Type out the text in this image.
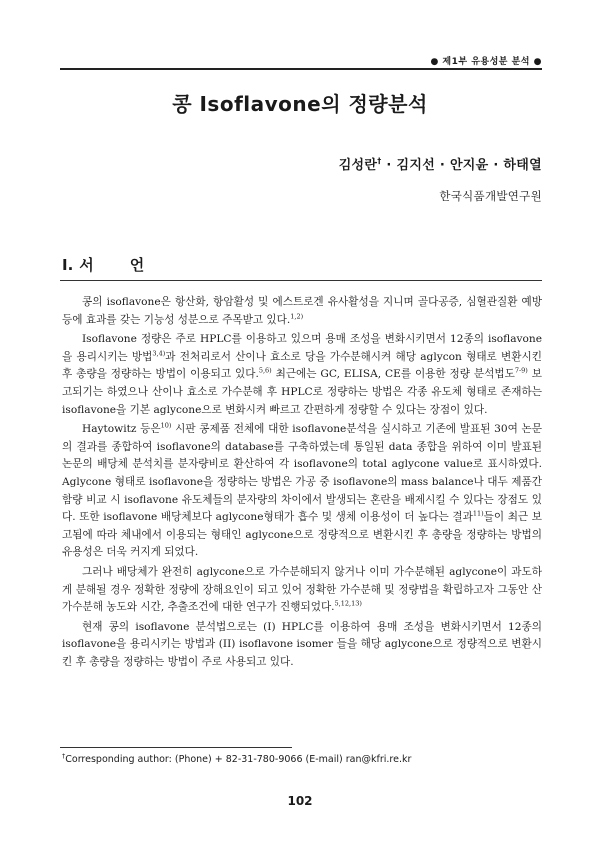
● 제1부 유용성분 분석 ●
콩 Isoflavone의 정량분석
김성란† · 김지선 · 안지윤 · 하태열
한국식품개발연구원
I. 서 언

콩의 isoflavone은 항산화, 항암활성 및 에스트로겐 유사활성을 지니며 골다공증, 심혈관질환 예방 등에 효과를 갖는 기능성 성분으로 주목받고 있다.$^{1,2)}$

Isoflavone 정량은 주로 HPLC를 이용하고 있으며 용매 조성을 변화시키면서 12종의 isoflavone을 용리시키는 방법$^{3,4)}$과 전처리로서 산이나 효소로 당을 가수분해시켜 해당 aglycon 형태로 변환시킨 후 총량을 정량하는 방법이 이용되고 있다.$^{5,6)}$ 최근에는 GC, ELISA, CE를 이용한 정량 분석법도$^{7-9)}$ 보고되기는 하였으나 산이나 효소로 가수분해 후 HPLC로 정량하는 방법은 각종 유도체 형태로 존재하는 isoflavone을 기본 aglycone으로 변화시켜 빠르고 간편하게 정량할 수 있다는 장점이 있다.

Haytowitz 등은$^{10)}$ 시판 콩제품 전체에 대한 isoflavone분석을 실시하고 기존에 발표된 30여 논문의 결과를 종합하여 isoflavone의 database를 구축하였는데 통일된 data 종합을 위하여 이미 발표된 논문의 배당체 분석치를 분자량비로 환산하여 각 isoflavone의 total aglycone value로 표시하였다. Aglycone 형태로 isoflavone을 정량하는 방법은 가공 중 isoflavone의 mass balance나 대두 제품간 함량 비교 시 isoflavone 유도체들의 분자량의 차이에서 발생되는 혼란을 배제시킬 수 있다는 장점도 있다. 또한 isoflavone 배당체보다 aglycone형태가 흡수 및 생체 이용성이 더 높다는 결과$^{11)}$들이 최근 보고됨에 따라 체내에서 이용되는 형태인 aglycone으로 정량적으로 변환시킨 후 총량을 정량하는 방법의 유용성은 더욱 커지게 되었다.

그러나 배당체가 완전히 aglycone으로 가수분해되지 않거나 이미 가수분해된 aglycone이 과도하게 분해될 경우 정확한 정량에 장해요인이 되고 있어 정확한 가수분해 및 정량법을 확립하고자 그동안 산 가수분해 농도와 시간, 추출조건에 대한 연구가 진행되었다.$^{5,12,13)}$

현재 콩의 isoflavone 분석법으로는 (I) HPLC를 이용하여 용매 조성을 변화시키면서 12종의 isoflavone을 용리시키는 방법과 (II) isoflavone isomer 들을 해당 aglycone으로 정량적으로 변환시킨 후 총량을 정량하는 방법이 주로 사용되고 있다.

†Corresponding author: (Phone) + 82-31-780-9066 (E-mail) ran@kfri.re.kr
102
